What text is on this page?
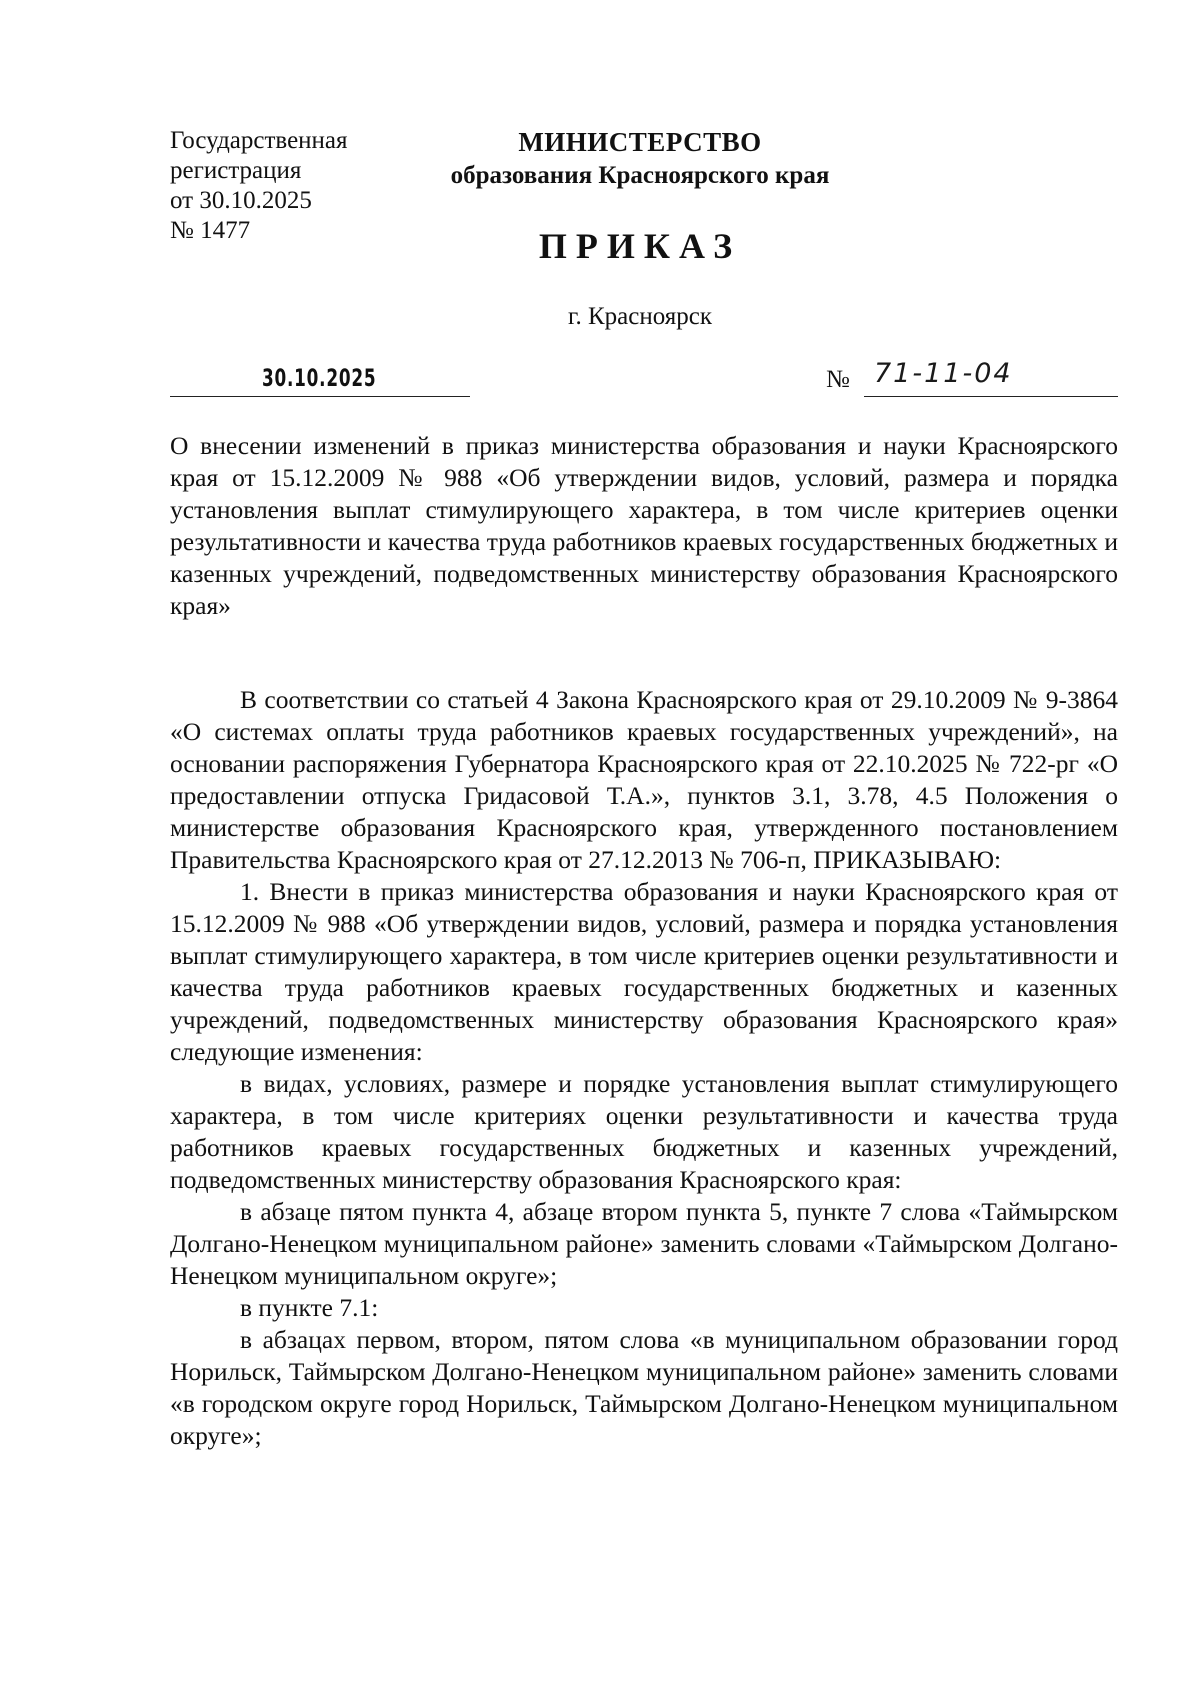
Государственная
регистрация
от 30.10.2025
№ 1477
МИНИСТЕРСТВО
образования Красноярского края
ПРИКАЗ
г. Красноярск
30.10.2025	№ 71-11-04
О внесении изменений в приказ министерства образования и науки Красноярского края от 15.12.2009 № 988 «Об утверждении видов, условий, размера и порядка установления выплат стимулирующего характера, в том числе критериев оценки результативности и качества труда работников краевых государственных бюджетных и казенных учреждений, подведомственных министерству образования Красноярского края»

В соответствии со статьей 4 Закона Красноярского края от 29.10.2009 № 9-3864 «О системах оплаты труда работников краевых государственных учреждений», на основании распоряжения Губернатора Красноярского края от 22.10.2025 № 722-рг «О предоставлении отпуска Гридасовой Т.А.», пунктов 3.1, 3.78, 4.5 Положения о министерстве образования Красноярского края, утвержденного постановлением Правительства Красноярского края от 27.12.2013 № 706-п, ПРИКАЗЫВАЮ:

1. Внести в приказ министерства образования и науки Красноярского края от 15.12.2009 № 988 «Об утверждении видов, условий, размера и порядка установления выплат стимулирующего характера, в том числе критериев оценки результативности и качества труда работников краевых государственных бюджетных и казенных учреждений, подведомственных министерству образования Красноярского края» следующие изменения:

в видах, условиях, размере и порядке установления выплат стимулирующего характера, в том числе критериях оценки результативности и качества труда работников краевых государственных бюджетных и казенных учреждений, подведомственных министерству образования Красноярского края:

в абзаце пятом пункта 4, абзаце втором пункта 5, пункте 7 слова «Таймырском Долгано-Ненецком муниципальном районе» заменить словами «Таймырском Долгано-Ненецком муниципальном округе»;

в пункте 7.1:

в абзацах первом, втором, пятом слова «в муниципальном образовании город Норильск, Таймырском Долгано-Ненецком муниципальном районе» заменить словами «в городском округе город Норильск, Таймырском Долгано-Ненецком муниципальном округе»;
